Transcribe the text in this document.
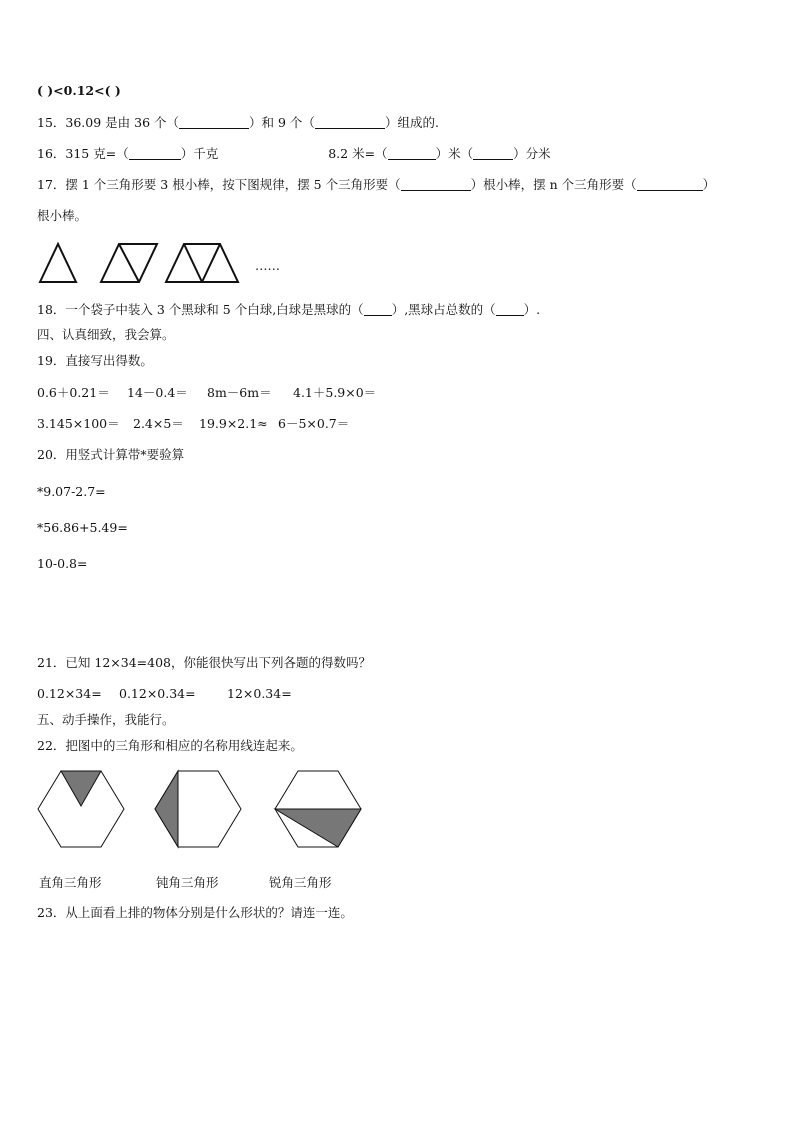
( )<0.12<( )
15．36.09 是由 36 个（	）和 9 个（	）组成的.
16．315 克=（	）千克	8.2 米=（	）米（	）分米
17．摆 1 个三角形要 3 根小棒，按下图规律，摆 5 个三角形要（	）根小棒，摆 n 个三角形要（	）
根小棒。
……
18．一个袋子中装入 3 个黑球和 5 个白球,白球是黑球的（ ）,黑球占总数的（ ）.
四、认真细致，我会算。
19．直接写出得数。
0.6＋0.21＝ 14－0.4＝ 8m－6m＝ 4.1＋5.9×0＝
3.145×100＝ 2.4×5＝ 19.9×2.1≈ 6－5×0.7＝
20．用竖式计算带*要验算
*9.07-2.7=
*56.86+5.49=
10-0.8=
21．已知 12×34=408，你能很快写出下列各题的得数吗？
0.12×34= 0.12×0.34=	12×0.34=
五、动手操作，我能行。
22．把图中的三角形和相应的名称用线连起来。
直角三角形	钝角三角形	锐角三角形
23．从上面看上排的物体分别是什么形状的？请连一连。
